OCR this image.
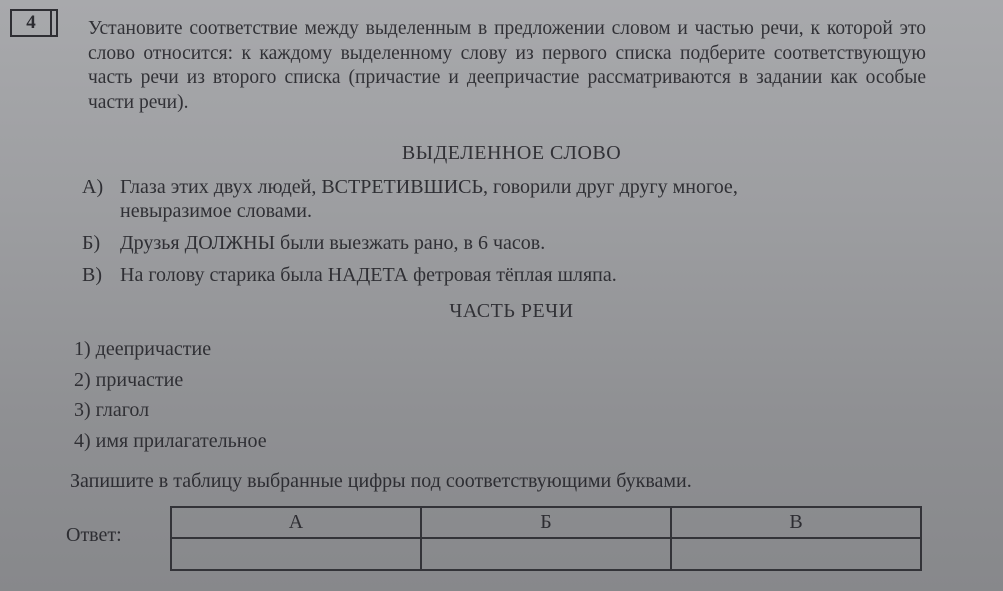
4	Установите соответствие между выделенным в предложении словом и частью речи, к которой это слово относится: к каждому выделенному слову из первого списка подберите соответствующую часть речи из второго списка (причастие и деепричастие рассматриваются в задании как особые части речи).
ВЫДЕЛЕННОЕ СЛОВО
А) Глаза этих двух людей, ВСТРЕТИВШИСЬ, говорили друг другу многое,
невыразимое словами.
Б) Друзья ДОЛЖНЫ были выезжать рано, в 6 часов.
В) На голову старика была НАДЕТА фетровая тёплая шляпа.
ЧАСТЬ РЕЧИ
1) деепричастие
2) причастие
3) глагол
4) имя прилагательное
Запишите в таблицу выбранные цифры под соответствующими буквами.
Ответ:
А	Б	В
